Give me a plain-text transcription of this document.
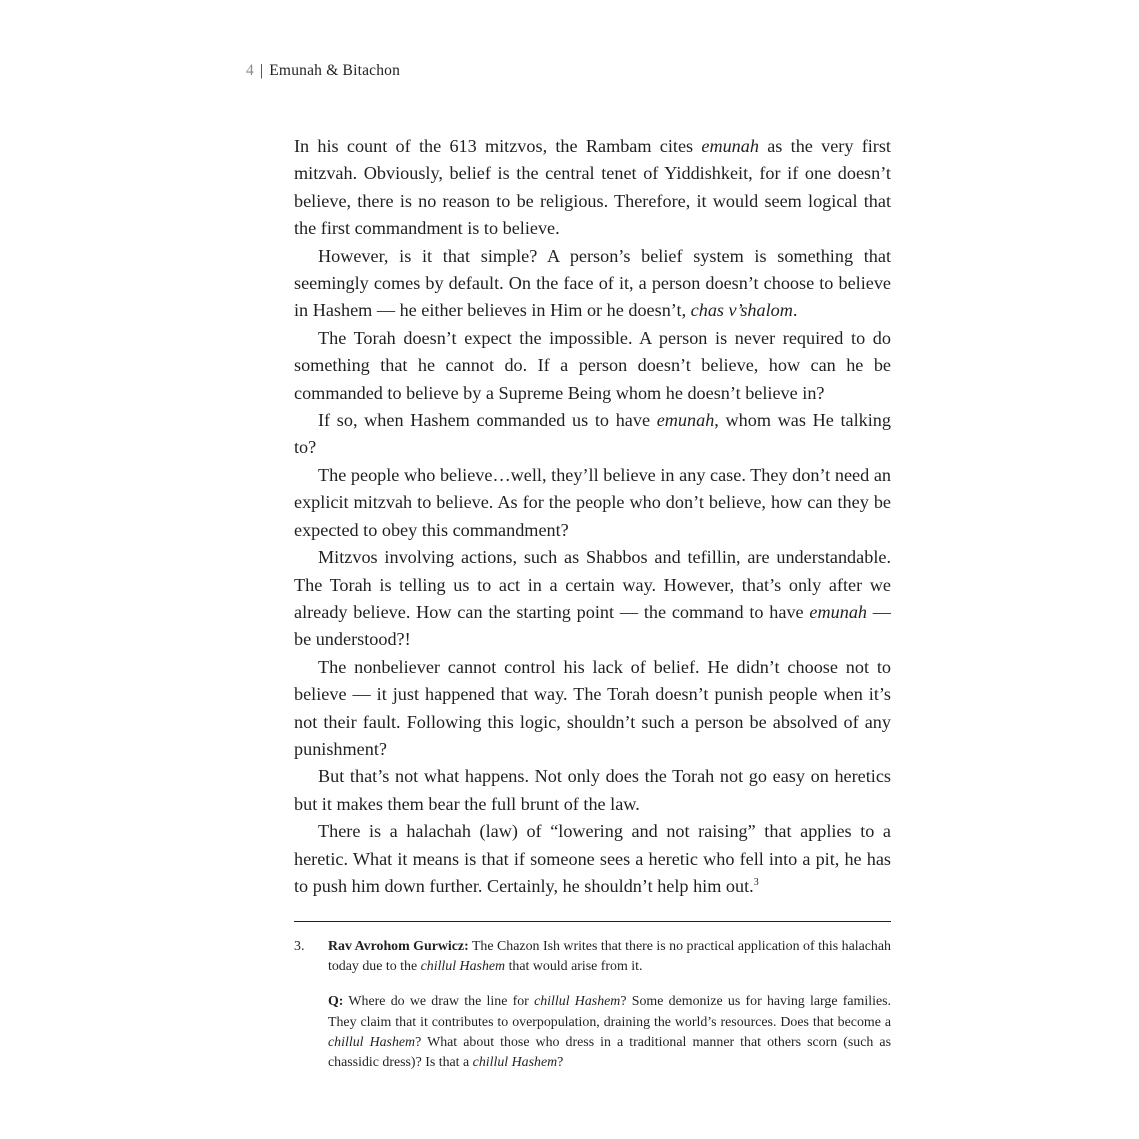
4 | Emunah & Bitachon

In his count of the 613 mitzvos, the Rambam cites emunah as the very first mitzvah. Obviously, belief is the central tenet of Yiddishkeit, for if one doesn’t believe, there is no reason to be religious. Therefore, it would seem logical that the first commandment is to believe.

However, is it that simple? A person’s belief system is something that seemingly comes by default. On the face of it, a person doesn’t choose to believe in Hashem — he either believes in Him or he doesn’t, chas v’shalom.

The Torah doesn’t expect the impossible. A person is never required to do something that he cannot do. If a person doesn’t believe, how can he be commanded to believe by a Supreme Being whom he doesn’t believe in?

If so, when Hashem commanded us to have emunah, whom was He talking to?

The people who believe…well, they’ll believe in any case. They don’t need an explicit mitzvah to believe. As for the people who don’t believe, how can they be expected to obey this commandment?

Mitzvos involving actions, such as Shabbos and tefillin, are understandable. The Torah is telling us to act in a certain way. However, that’s only after we already believe. How can the starting point — the command to have emunah — be understood?!

The nonbeliever cannot control his lack of belief. He didn’t choose not to believe — it just happened that way. The Torah doesn’t punish people when it’s not their fault. Following this logic, shouldn’t such a person be absolved of any punishment?

But that’s not what happens. Not only does the Torah not go easy on heretics but it makes them bear the full brunt of the law.

There is a halachah (law) of “lowering and not raising” that applies to a heretic. What it means is that if someone sees a heretic who fell into a pit, he has to push him down further. Certainly, he shouldn’t help him out.$^3$

3.	Rav Avrohom Gurwicz: The Chazon Ish writes that there is no practical application of this halachah today due to the chillul Hashem that would arise from it.

Q: Where do we draw the line for chillul Hashem? Some demonize us for having large families. They claim that it contributes to overpopulation, draining the world’s resources. Does that become a chillul Hashem? What about those who dress in a traditional manner that others scorn (such as chassidic dress)? Is that a chillul Hashem?
